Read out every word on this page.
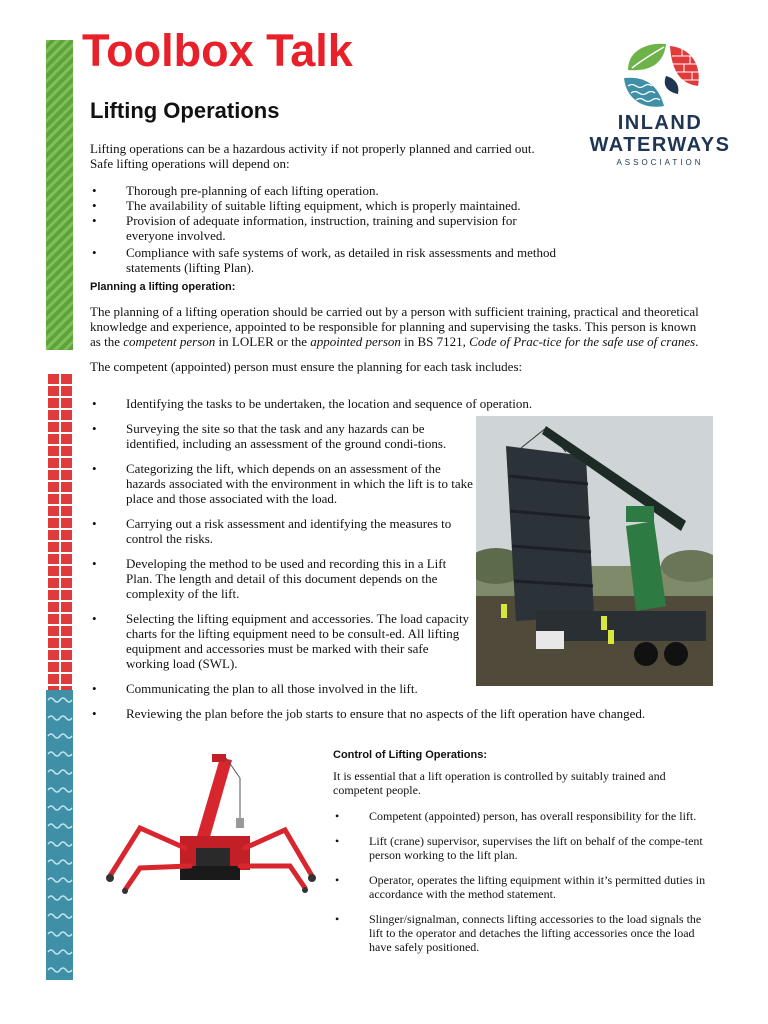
Toolbox Talk
Lifting Operations	INLAND
WATERWAYS
ASSOCIATION

Lifting operations can be a hazardous activity if not properly planned and carried out. Safe lifting operations will depend on:

• Thorough pre-planning of each lifting operation.
• The availability of suitable lifting equipment, which is properly maintained.
• Provision of adequate information, instruction, training and supervision for everyone involved.
• Compliance with safe systems of work, as detailed in risk assessments and method statements (lifting Plan).

Planning a lifting operation:

The planning of a lifting operation should be carried out by a person with sufficient training, practical and theoretical knowledge and experience, appointed to be responsible for planning and supervising the tasks. This person is known as the competent person in LOLER or the appointed person in BS 7121, Code of Prac-tice for the safe use of cranes.

The competent (appointed) person must ensure the planning for each task includes:

• Identifying the tasks to be undertaken, the location and sequence of operation.
• Surveying the site so that the task and any hazards can be identified, including an assessment of the ground condi-tions.
• Categorizing the lift, which depends on an assessment of the hazards associated with the environment in which the lift is to take place and those associated with the load.
• Carrying out a risk assessment and identifying the measures to control the risks.
• Developing the method to be used and recording this in a Lift Plan. The length and detail of this document depends on the complexity of the lift.
• Selecting the lifting equipment and accessories. The load capacity charts for the lifting equipment need to be consult-ed. All lifting equipment and accessories must be marked with their safe working load (SWL).
• Communicating the plan to all those involved in the lift.
• Reviewing the plan before the job starts to ensure that no aspects of the lift operation have changed.

Control of Lifting Operations:

It is essential that a lift operation is controlled by suitably trained and competent people.

• Competent (appointed) person, has overall responsibility for the lift.
• Lift (crane) supervisor, supervises the lift on behalf of the compe-tent person working to the lift plan.
• Operator, operates the lifting equipment within it’s permitted duties in accordance with the method statement.
• Slinger/signalman, connects lifting accessories to the load signals the lift to the operator and detaches the lifting accessories once the load have safely positioned.
